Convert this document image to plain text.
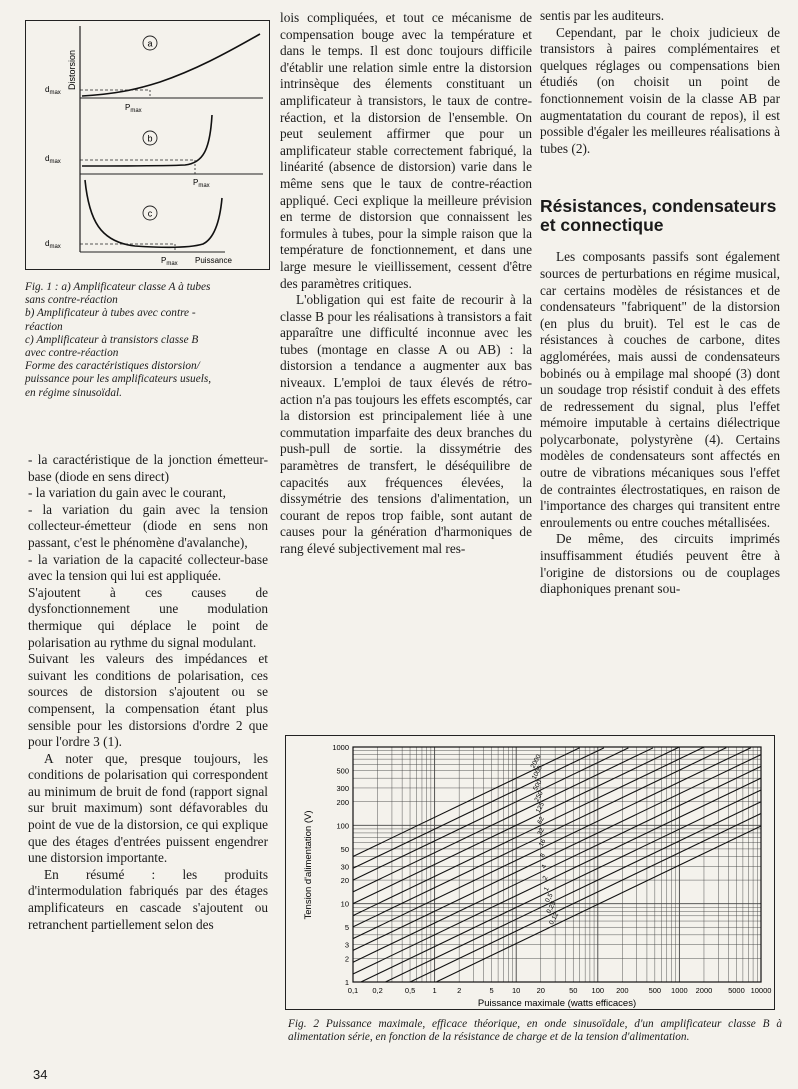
Distorsion
$d_{max}$
$P_{max}$
a
$d_{max}$
$P_{max}$
b
$d_{max}$
$P_{max}$ Puissance
c
Fig. 1 : a) Amplificateur classe A à tubes
sans contre-réaction
b) Amplificateur à tubes avec contre -
réaction
c) Amplificateur à transistors classe B
avec contre-réaction
Forme des caractéristiques distorsion/
puissance pour les amplificateurs usuels,
en régime sinusoïdal.

- la caractéristique de la jonction émetteur-base (diode en sens direct)

- la variation du gain avec le courant,

- la variation du gain avec la tension collecteur-émetteur (diode en sens non passant, c'est le phénomène d'avalanche),

- la variation de la capacité collecteur-base avec la tension qui lui est appliquée.

S'ajoutent à ces causes de dysfonctionnement une modulation thermique qui déplace le point de polarisation au rythme du signal modulant.

Suivant les valeurs des impédances et suivant les conditions de polarisation, ces sources de distorsion s'ajoutent ou se compensent, la compensation étant plus sensible pour les distorsions d'ordre 2 que pour l'ordre 3 (1).

A noter que, presque toujours, les conditions de polarisation qui correspondent au minimum de bruit de fond (rapport signal sur bruit maximum) sont défavorables du point de vue de la distorsion, ce qui explique que des étages d'entrées puissent engendrer une distorsion importante.

En résumé : les produits d'intermodulation fabriqués par des étages amplificateurs en cascade s'ajoutent ou retranchent partiellement selon des

lois compliquées, et tout ce mécanisme de compensation bouge avec la température et dans le temps. Il est donc toujours difficile d'établir une relation simle entre la distorsion intrinsèque des élements constituant un amplificateur à transistors, le taux de contre-réaction, et la distorsion de l'ensemble. On peut seulement affirmer que pour un amplificateur stable correctement fabriqué, la linéarité (absence de distorsion) varie dans le même sens que le taux de contre-réaction appliqué. Ceci explique la meilleure prévision en terme de distorsion que connaissent les formules à tubes, pour la simple raison que la température de fonctionnement, et dans une large mesure le vieillissement, cessent d'être des paramètres critiques.

L'obligation qui est faite de recourir à la classe B pour les réalisations à transistors a fait apparaître une difficulté inconnue avec les tubes (montage en classe A ou AB) : la distorsion a tendance a augmenter aux bas niveaux. L'emploi de taux élevés de rétro-action n'a pas toujours les effets escomptés, car la distorsion est principalement liée à une commutation imparfaite des deux branches du push-pull de sortie. la dissymétrie des paramètres de transfert, le déséquilibre de capacités aux fréquences élevées, la dissymétrie des tensions d'alimentation, un courant de repos trop faible, sont autant de causes pour la génération d'harmoniques de rang élevé subjectivement mal res-

sentis par les auditeurs.

Cependant, par le choix judicieux de transistors à paires complémentaires et quelques réglages ou compensations bien étudiés (on choisit un point de fonctionnement voisin de la classe AB par augmentatation du courant de repos), il est possible d'égaler les meilleures réalisations à tubes (2).

Résistances, condensateurs et connectique

Les composants passifs sont également sources de perturbations en régime musical, car certains modèles de résistances et de condensateurs "fabriquent" de la distorsion (en plus du bruit). Tel est le cas de résistances à couches de carbone, dites agglomérées, mais aussi de condensateurs bobinés ou à empilage mal shoopé (3) dont un soudage trop résistif conduit à des effets de redressement du signal, plus l'effet mémoire imputable à certains diélectrique polycarbonate, polystyrène (4). Certains modèles de condensateurs sont affectés en outre de vibrations mécaniques sous l'effet de contraintes électrostatiques, en raison de l'importance des charges qui transitent entre enroulements ou entre couches métallisées.

De même, des circuits imprimés insuffisamment étudiés peuvent être à l'origine de distorsions ou de couplages diaphoniques prenant sou-

2000
1000
500
250
125
62
32
16
8
4
2
1
0,5
0,25
0,12
0,1 0,2	0,5 1	2	5 10 20	50 100 200	500 1000 2000 5000 10000
1000
500
300
200
100
50
30
20
10
5
3
2
1
Puissance maximale (watts efficaces)
Tension d'alimentation (V)
Fig. 2 Puissance maximale, efficace théorique, en onde sinusoïdale, d'un amplificateur classe B à alimentation série, en fonction de la résistance de charge et de la tension d'alimentation.
34
